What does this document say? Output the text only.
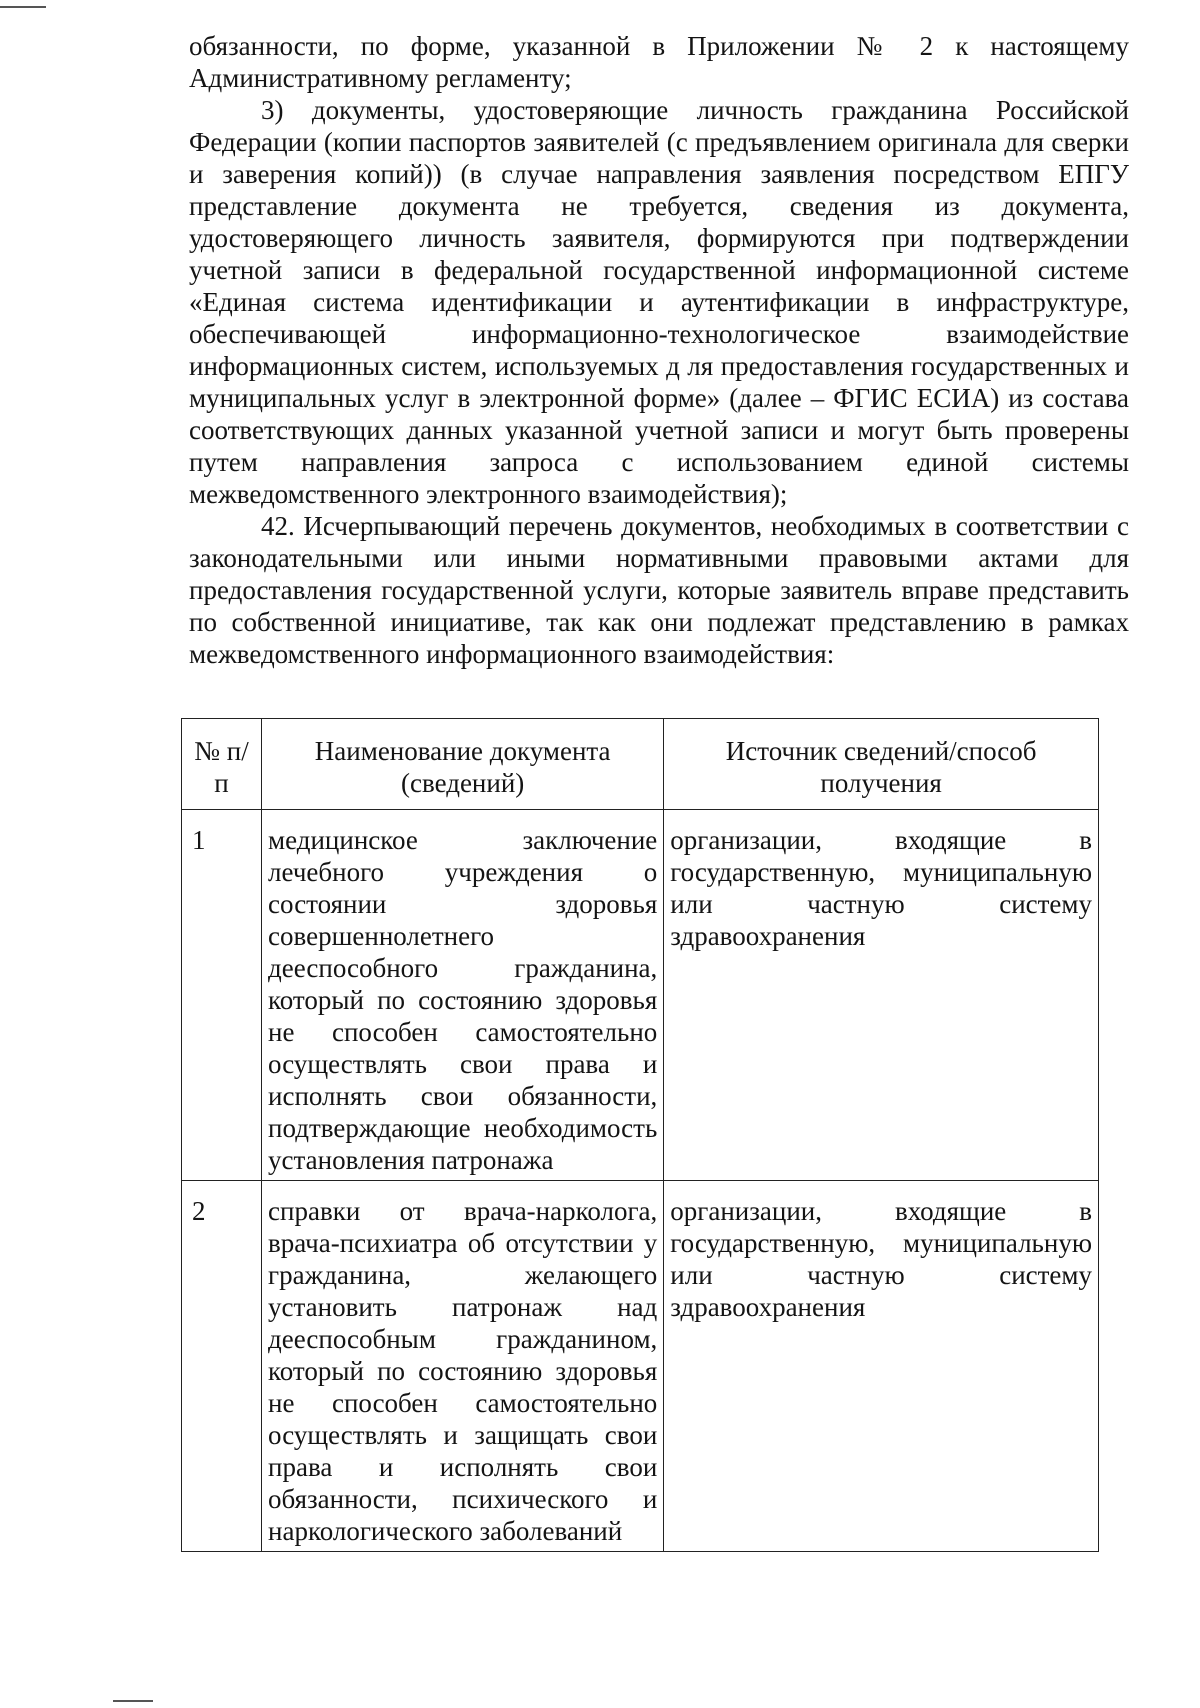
обязанности, по форме, указанной в Приложении № 2 к настоящему Административному регламенту;

3) документы, удостоверяющие личность гражданина Российской Федерации (копии паспортов заявителей (с предъявлением оригинала для сверки и заверения копий)) (в случае направления заявления посредством ЕПГУ представление документа не требуется, сведения из документа, удостоверяющего личность заявителя, формируются при подтверждении учетной записи в федеральной государственной информационной системе «Единая система идентификации и аутентификации в инфраструктуре, обеспечивающей информационно-технологическое взаимодействие информационных систем, используемых д ля предоставления государственных и муниципальных услуг в электронной форме» (далее – ФГИС ЕСИА) из состава соответствующих данных указанной учетной записи и могут быть проверены путем направления запроса с использованием единой системы межведомственного электронного взаимодействия);

42. Исчерпывающий перечень документов, необходимых в соответствии с законодательными или иными нормативными правовыми актами для предоставления государственной услуги, которые заявитель вправе представить по собственной инициативе, так как они подлежат представлению в рамках межведомственного информационного взаимодействия:

№ п/п	Наименование документа (сведений)	Источник сведений/способ получения
1	медицинское заключение лечебного учреждения о состоянии здоровья совершеннолетнего дееспособного гражданина, который по состоянию здоровья не способен самостоятельно осуществлять свои права и исполнять свои обязанности, подтверждающие необходимость установления патронажа	организации, входящие в государственную, муниципальную или частную систему здравоохранения
2	справки от врача-нарколога, врача-психиатра об отсутствии у гражданина, желающего установить патронаж над дееспособным гражданином, который по состоянию здоровья не способен самостоятельно осуществлять и защищать свои права и исполнять свои обязанности, психического и наркологического заболеваний	организации, входящие в государственную, муниципальную или частную систему здравоохранения
